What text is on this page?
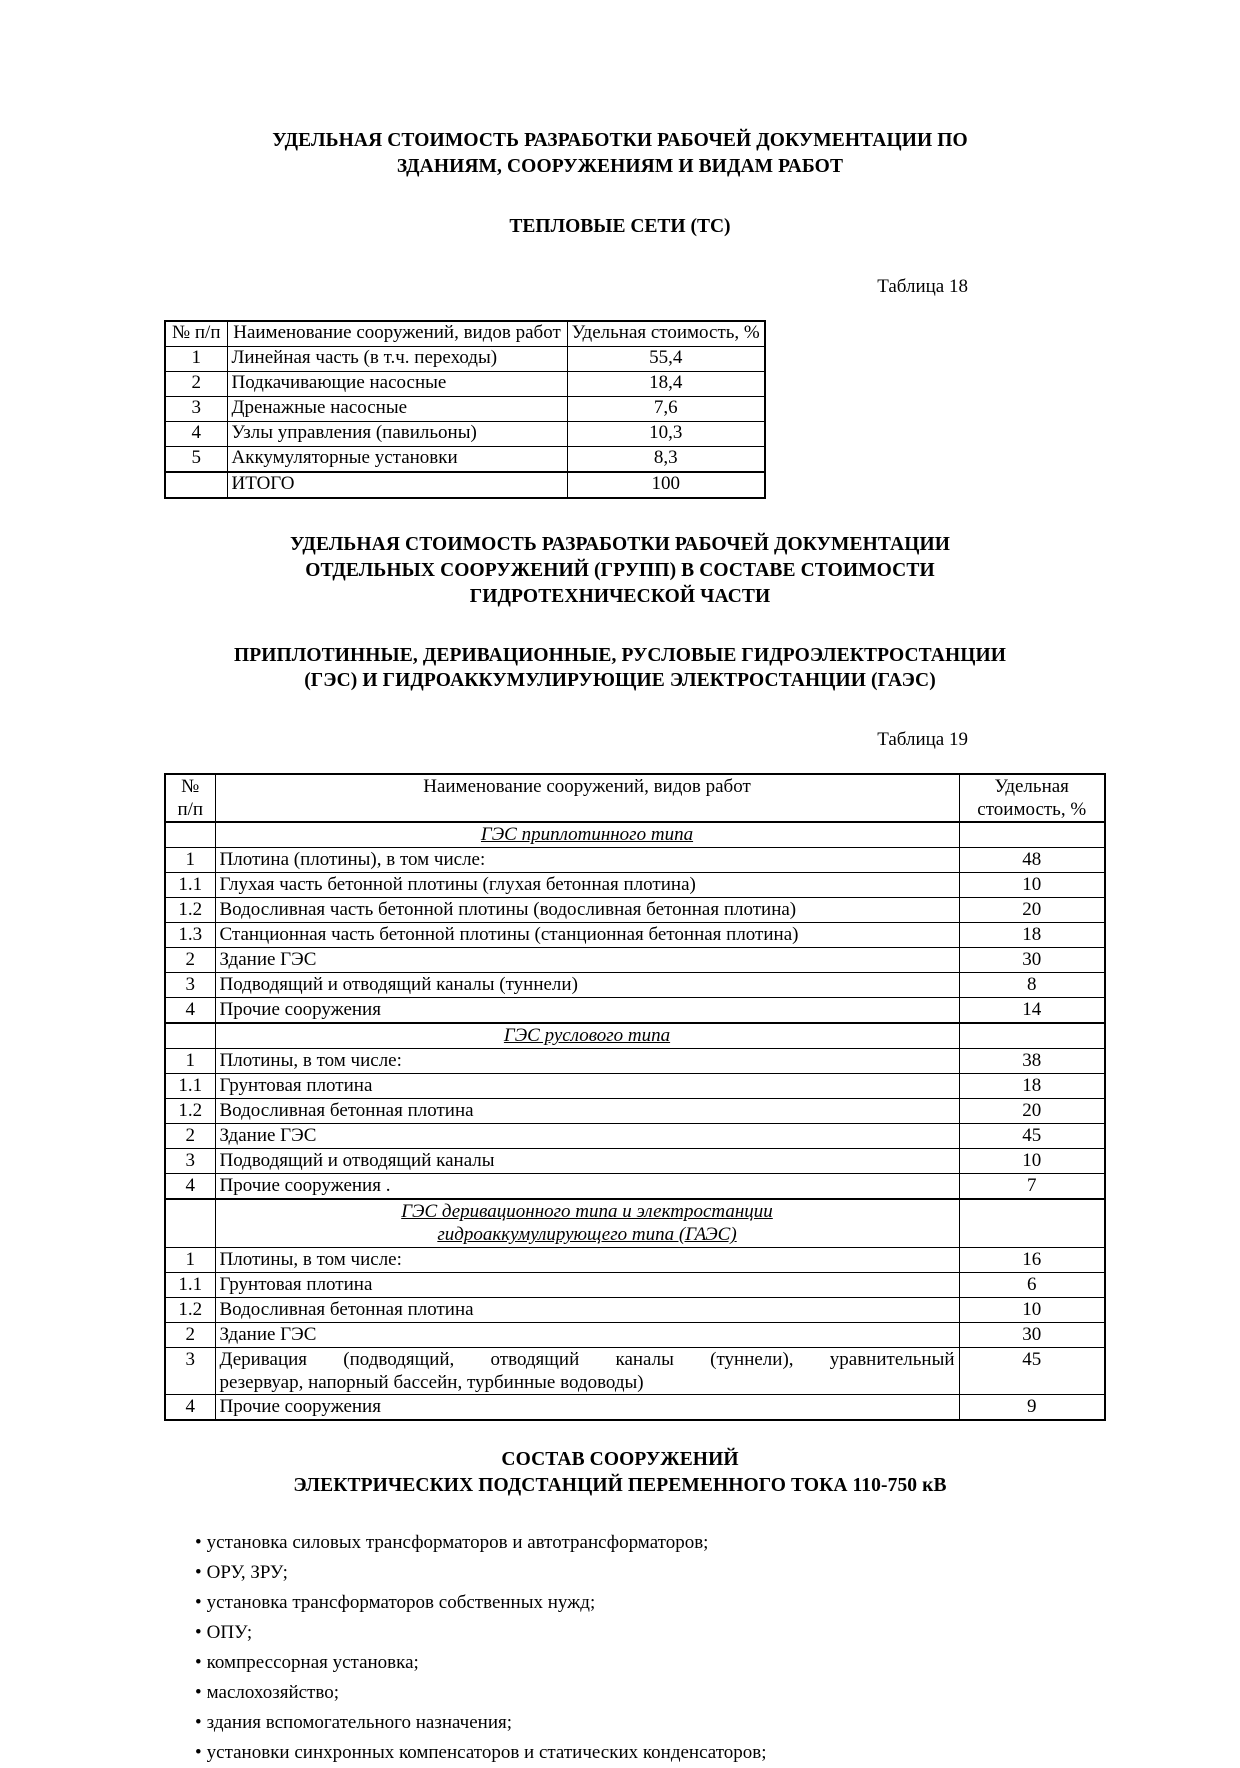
УДЕЛЬНАЯ СТОИМОСТЬ РАЗРАБОТКИ РАБОЧЕЙ ДОКУМЕНТАЦИИ ПО
ЗДАНИЯМ, СООРУЖЕНИЯМ И ВИДАМ РАБОТ
ТЕПЛОВЫЕ СЕТИ (ТС)
Таблица 18
№ п/п	Наименование сооружений, видов работ	Удельная стоимость, %
1	Линейная часть (в т.ч. переходы)	55,4
2	Подкачивающие насосные	18,4
3	Дренажные насосные	7,6
4	Узлы управления (павильоны)	10,3
5	Аккумуляторные установки	8,3
	ИТОГО	100
УДЕЛЬНАЯ СТОИМОСТЬ РАЗРАБОТКИ РАБОЧЕЙ ДОКУМЕНТАЦИИ
ОТДЕЛЬНЫХ СООРУЖЕНИЙ (ГРУПП) В СОСТАВЕ СТОИМОСТИ
ГИДРОТЕХНИЧЕСКОЙ ЧАСТИ
ПРИПЛОТИННЫЕ, ДЕРИВАЦИОННЫЕ, РУСЛОВЫЕ ГИДРОЭЛЕКТРОСТАНЦИИ
(ГЭС) И ГИДРОАККУМУЛИРУЮЩИЕ ЭЛЕКТРОСТАНЦИИ (ГАЭС)
Таблица 19
№
п/п	Наименование сооружений, видов работ	Удельная
стоимость, %

	ГЭС приплотинного типа	
1	Плотина (плотины), в том числе:	48
1.1	Глухая часть бетонной плотины (глухая бетонная плотина)	10
1.2	Водосливная часть бетонной плотины (водосливная бетонная плотина)	20
1.3	Станционная часть бетонной плотины (станционная бетонная плотина)	18
2	Здание ГЭС	30
3	Подводящий и отводящий каналы (туннели)	8
4	Прочие сооружения	14
	ГЭС руслового типа	
1	Плотины, в том числе:	38
1.1	Грунтовая плотина	18
1.2	Водосливная бетонная плотина	20
2	Здание ГЭС	45
3	Подводящий и отводящий каналы	10
4	Прочие сооружения .	7

	ГЭС деривационного типа и электростанции
гидроаккумулирующего типа (ГАЭС)	

1	Плотины, в том числе:	16
1.1	Грунтовая плотина	6
1.2	Водосливная бетонная плотина	10
2	Здание ГЭС	30
3	Деривация (подводящий, отводящий каналы (туннели), уравнительный
резервуар, напорный бассейн, турбинные водоводы)	45
4	Прочие сооружения	9
СОСТАВ СООРУЖЕНИЙ
ЭЛЕКТРИЧЕСКИХ ПОДСТАНЦИЙ ПЕРЕМЕННОГО ТОКА 110-750 кВ
• установка силовых трансформаторов и автотрансформаторов;
• ОРУ, ЗРУ;
• установка трансформаторов собственных нужд;
• ОПУ;
• компрессорная установка;
• маслохозяйство;
• здания вспомогательного назначения;
• установки синхронных компенсаторов и статических конденсаторов;
